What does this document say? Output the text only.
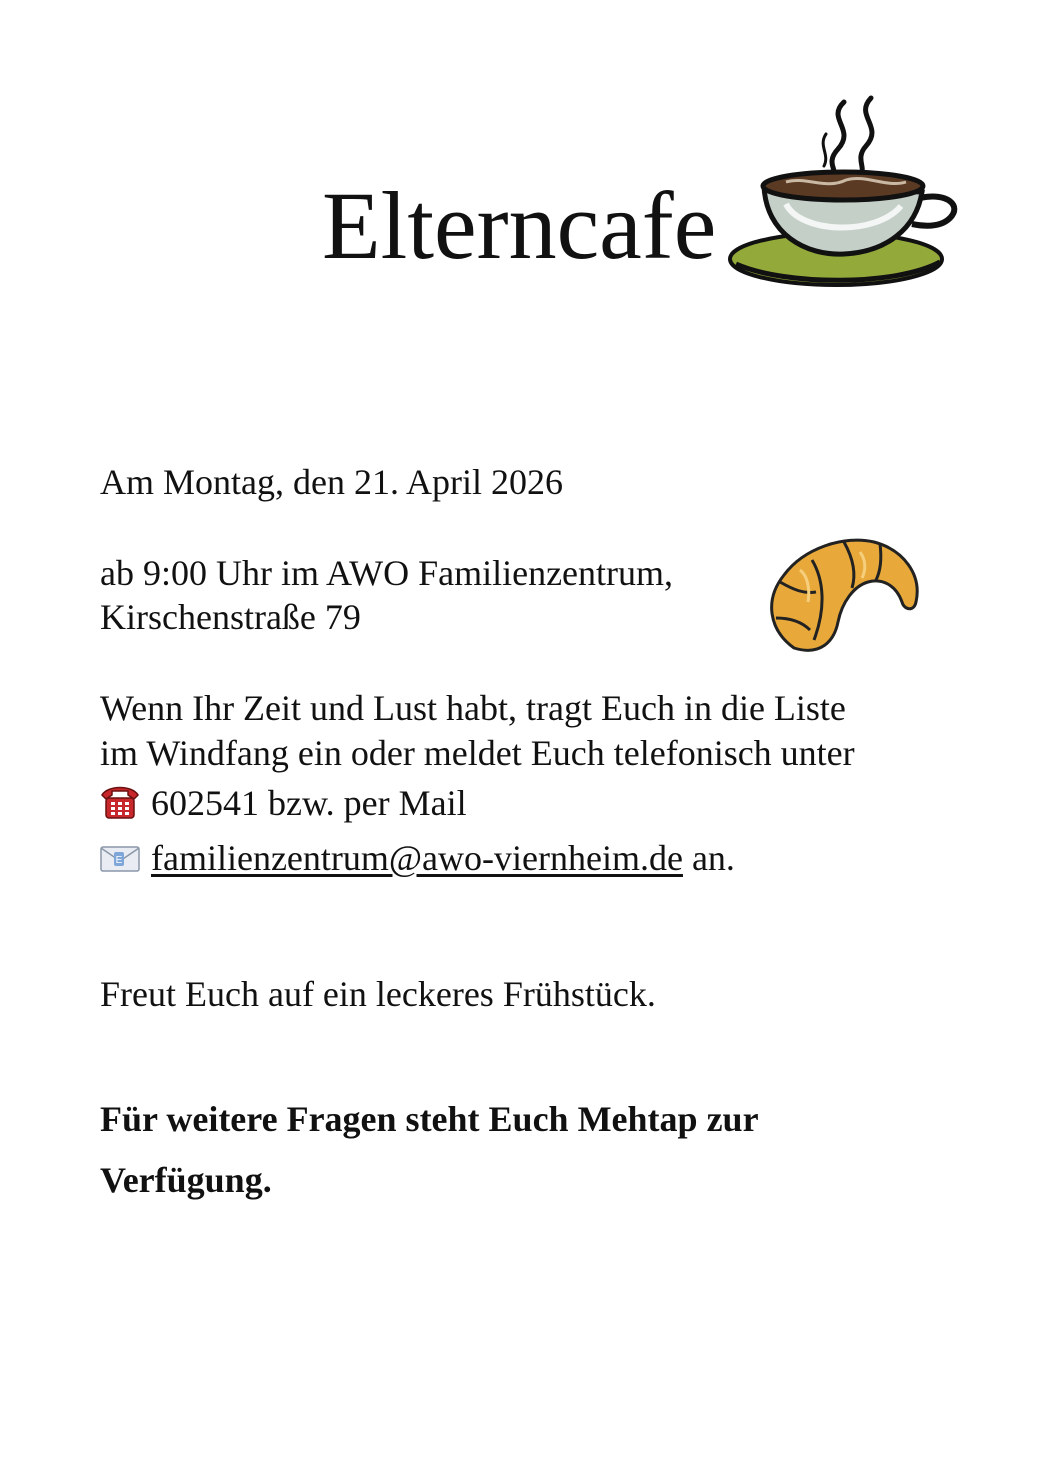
Elterncafe
Am Montag, den 21. April 2026
ab 9:00 Uhr im AWO Familienzentrum,
Kirschenstraße 79
Wenn Ihr Zeit und Lust habt, tragt Euch in die Liste
im Windfang ein oder meldet Euch telefonisch unter
602541 bzw. per Mail
E familienzentrum@awo-viernheim.de an.
Freut Euch auf ein leckeres Frühstück.
Für weitere Fragen steht Euch Mehtap zur
Verfügung.
